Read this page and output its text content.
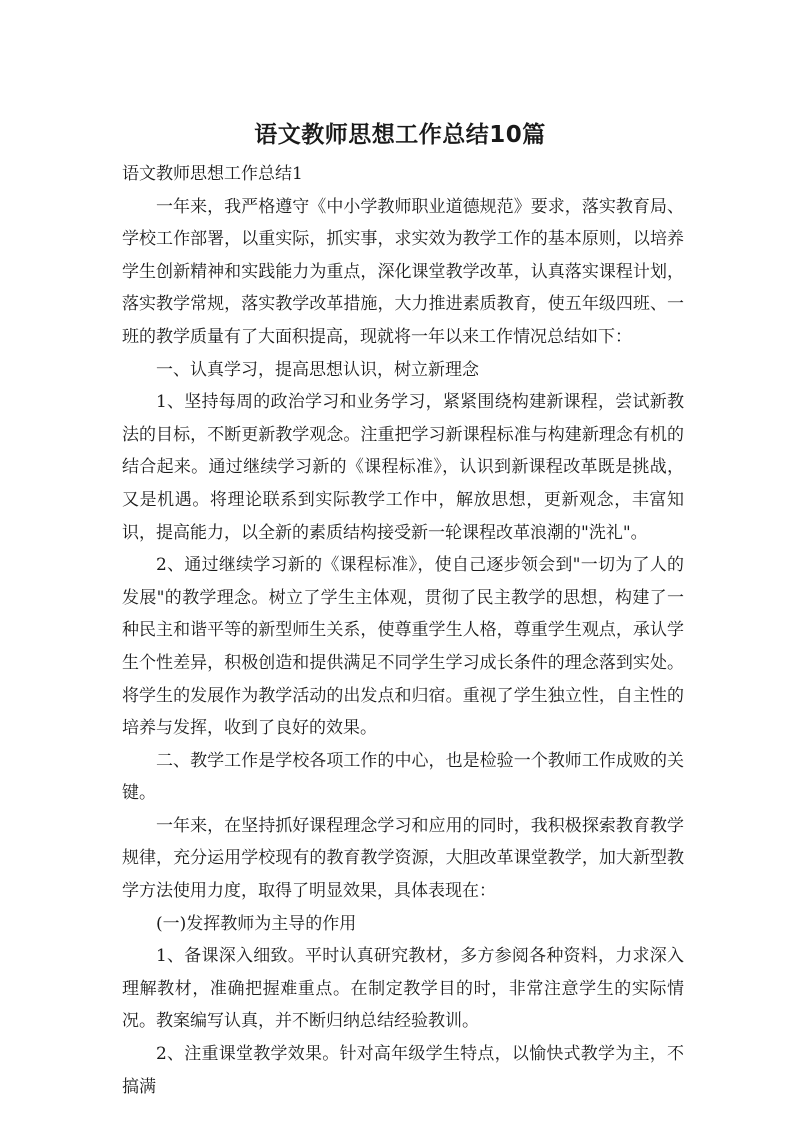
语文教师思想工作总结10篇

语文教师思想工作总结1

一年来，我严格遵守《中小学教师职业道德规范》要求，落实教育局、学校工作部署，以重实际，抓实事，求实效为教学工作的基本原则，以培养学生创新精神和实践能力为重点，深化课堂教学改革，认真落实课程计划，落实教学常规，落实教学改革措施，大力推进素质教育，使五年级四班、一班的教学质量有了大面积提高，现就将一年以来工作情况总结如下：

一、认真学习，提高思想认识，树立新理念

1、坚持每周的政治学习和业务学习，紧紧围绕构建新课程，尝试新教法的目标，不断更新教学观念。注重把学习新课程标准与构建新理念有机的结合起来。通过继续学习新的《课程标准》，认识到新课程改革既是挑战，又是机遇。将理论联系到实际教学工作中，解放思想，更新观念，丰富知识，提高能力，以全新的素质结构接受新一轮课程改革浪潮的"洗礼"。

2、通过继续学习新的《课程标准》，使自己逐步领会到"一切为了人的发展"的教学理念。树立了学生主体观，贯彻了民主教学的思想，构建了一种民主和谐平等的新型师生关系，使尊重学生人格，尊重学生观点，承认学生个性差异，积极创造和提供满足不同学生学习成长条件的理念落到实处。将学生的发展作为教学活动的出发点和归宿。重视了学生独立性，自主性的培养与发挥，收到了良好的效果。

二、教学工作是学校各项工作的中心，也是检验一个教师工作成败的关键。

一年来，在坚持抓好课程理念学习和应用的同时，我积极探索教育教学规律，充分运用学校现有的教育教学资源，大胆改革课堂教学，加大新型教学方法使用力度，取得了明显效果，具体表现在：

(一)发挥教师为主导的作用

1、备课深入细致。平时认真研究教材，多方参阅各种资料，力求深入理解教材，准确把握难重点。在制定教学目的时，非常注意学生的实际情况。教案编写认真，并不断归纳总结经验教训。

2、注重课堂教学效果。针对高年级学生特点，以愉快式教学为主，不搞满
